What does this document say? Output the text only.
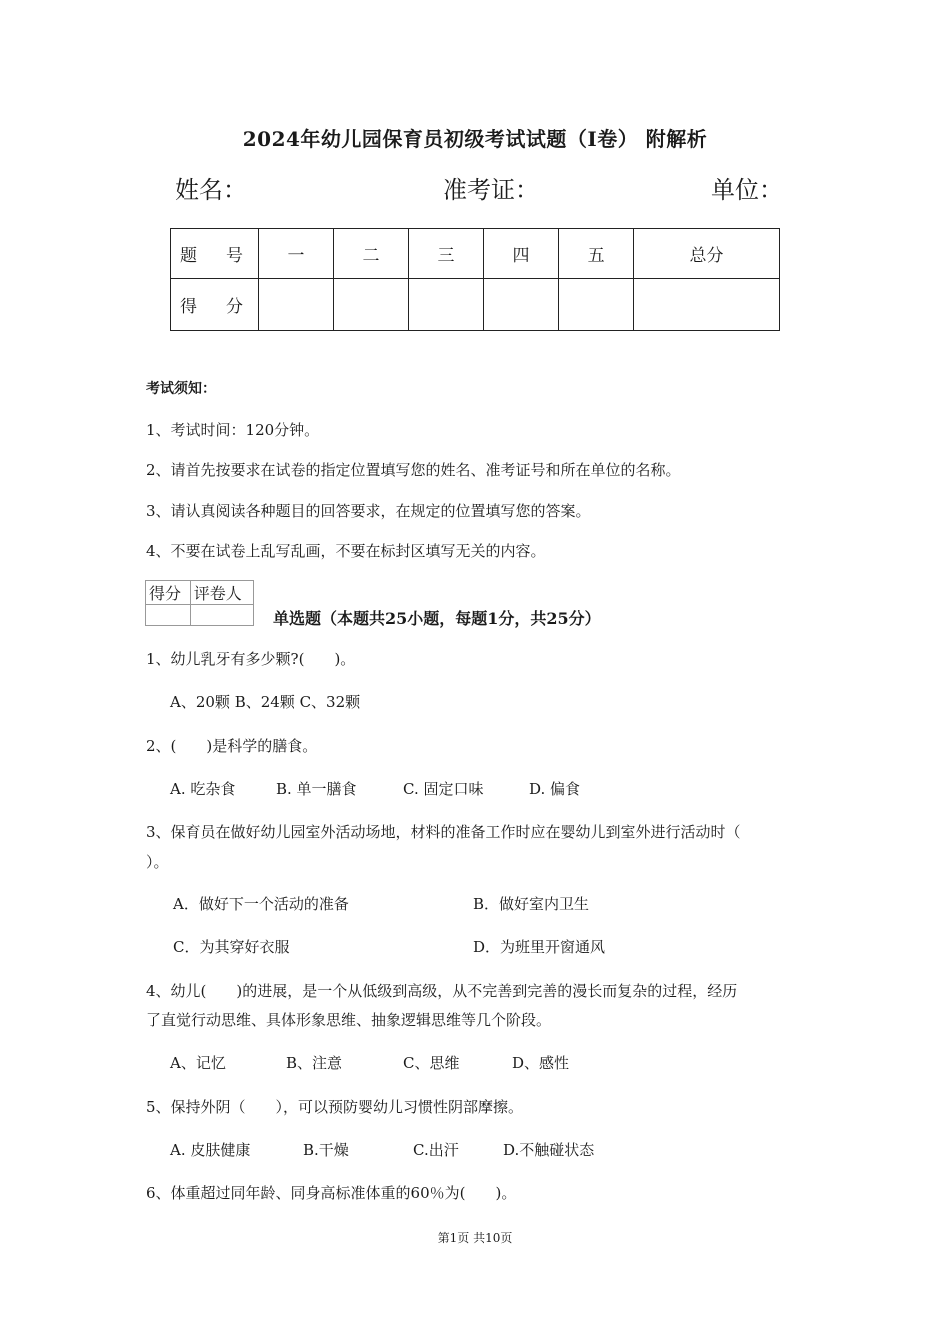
2024年幼儿园保育员初级考试试题（I卷） 附解析
姓名：	准考证：	单位：
题　号	一	二	三	四	五	总分
得　分						
考试须知：
1、考试时间：120分钟。
2、请首先按要求在试卷的指定位置填写您的姓名、准考证号和所在单位的名称。
3、请认真阅读各种题目的回答要求，在规定的位置填写您的答案。
4、不要在试卷上乱写乱画，不要在标封区填写无关的内容。
得分	评卷人

单选题（本题共25小题，每题1分，共25分）
1、幼儿乳牙有多少颗?(　　)。
A、20颗 B、24颗 C、32颗
2、(　　)是科学的膳食。
A. 吃杂食	B. 单一膳食	C. 固定口味	D. 偏食
3、保育员在做好幼儿园室外活动场地，材料的准备工作时应在婴幼儿到室外进行活动时（
）。
A．做好下一个活动的准备	B．做好室内卫生
C．为其穿好衣服	D．为班里开窗通风
4、幼儿(　　)的进展，是一个从低级到高级，从不完善到完善的漫长而复杂的过程，经历
了直觉行动思维、具体形象思维、抽象逻辑思维等几个阶段。
A、记忆	B、注意	C、思维	D、感性
5、保持外阴（　　），可以预防婴幼儿习惯性阴部摩擦。
A. 皮肤健康	B.干燥	C.出汗	D.不触碰状态
6、体重超过同年龄、同身高标准体重的60％为(　　)。
第1页 共10页
